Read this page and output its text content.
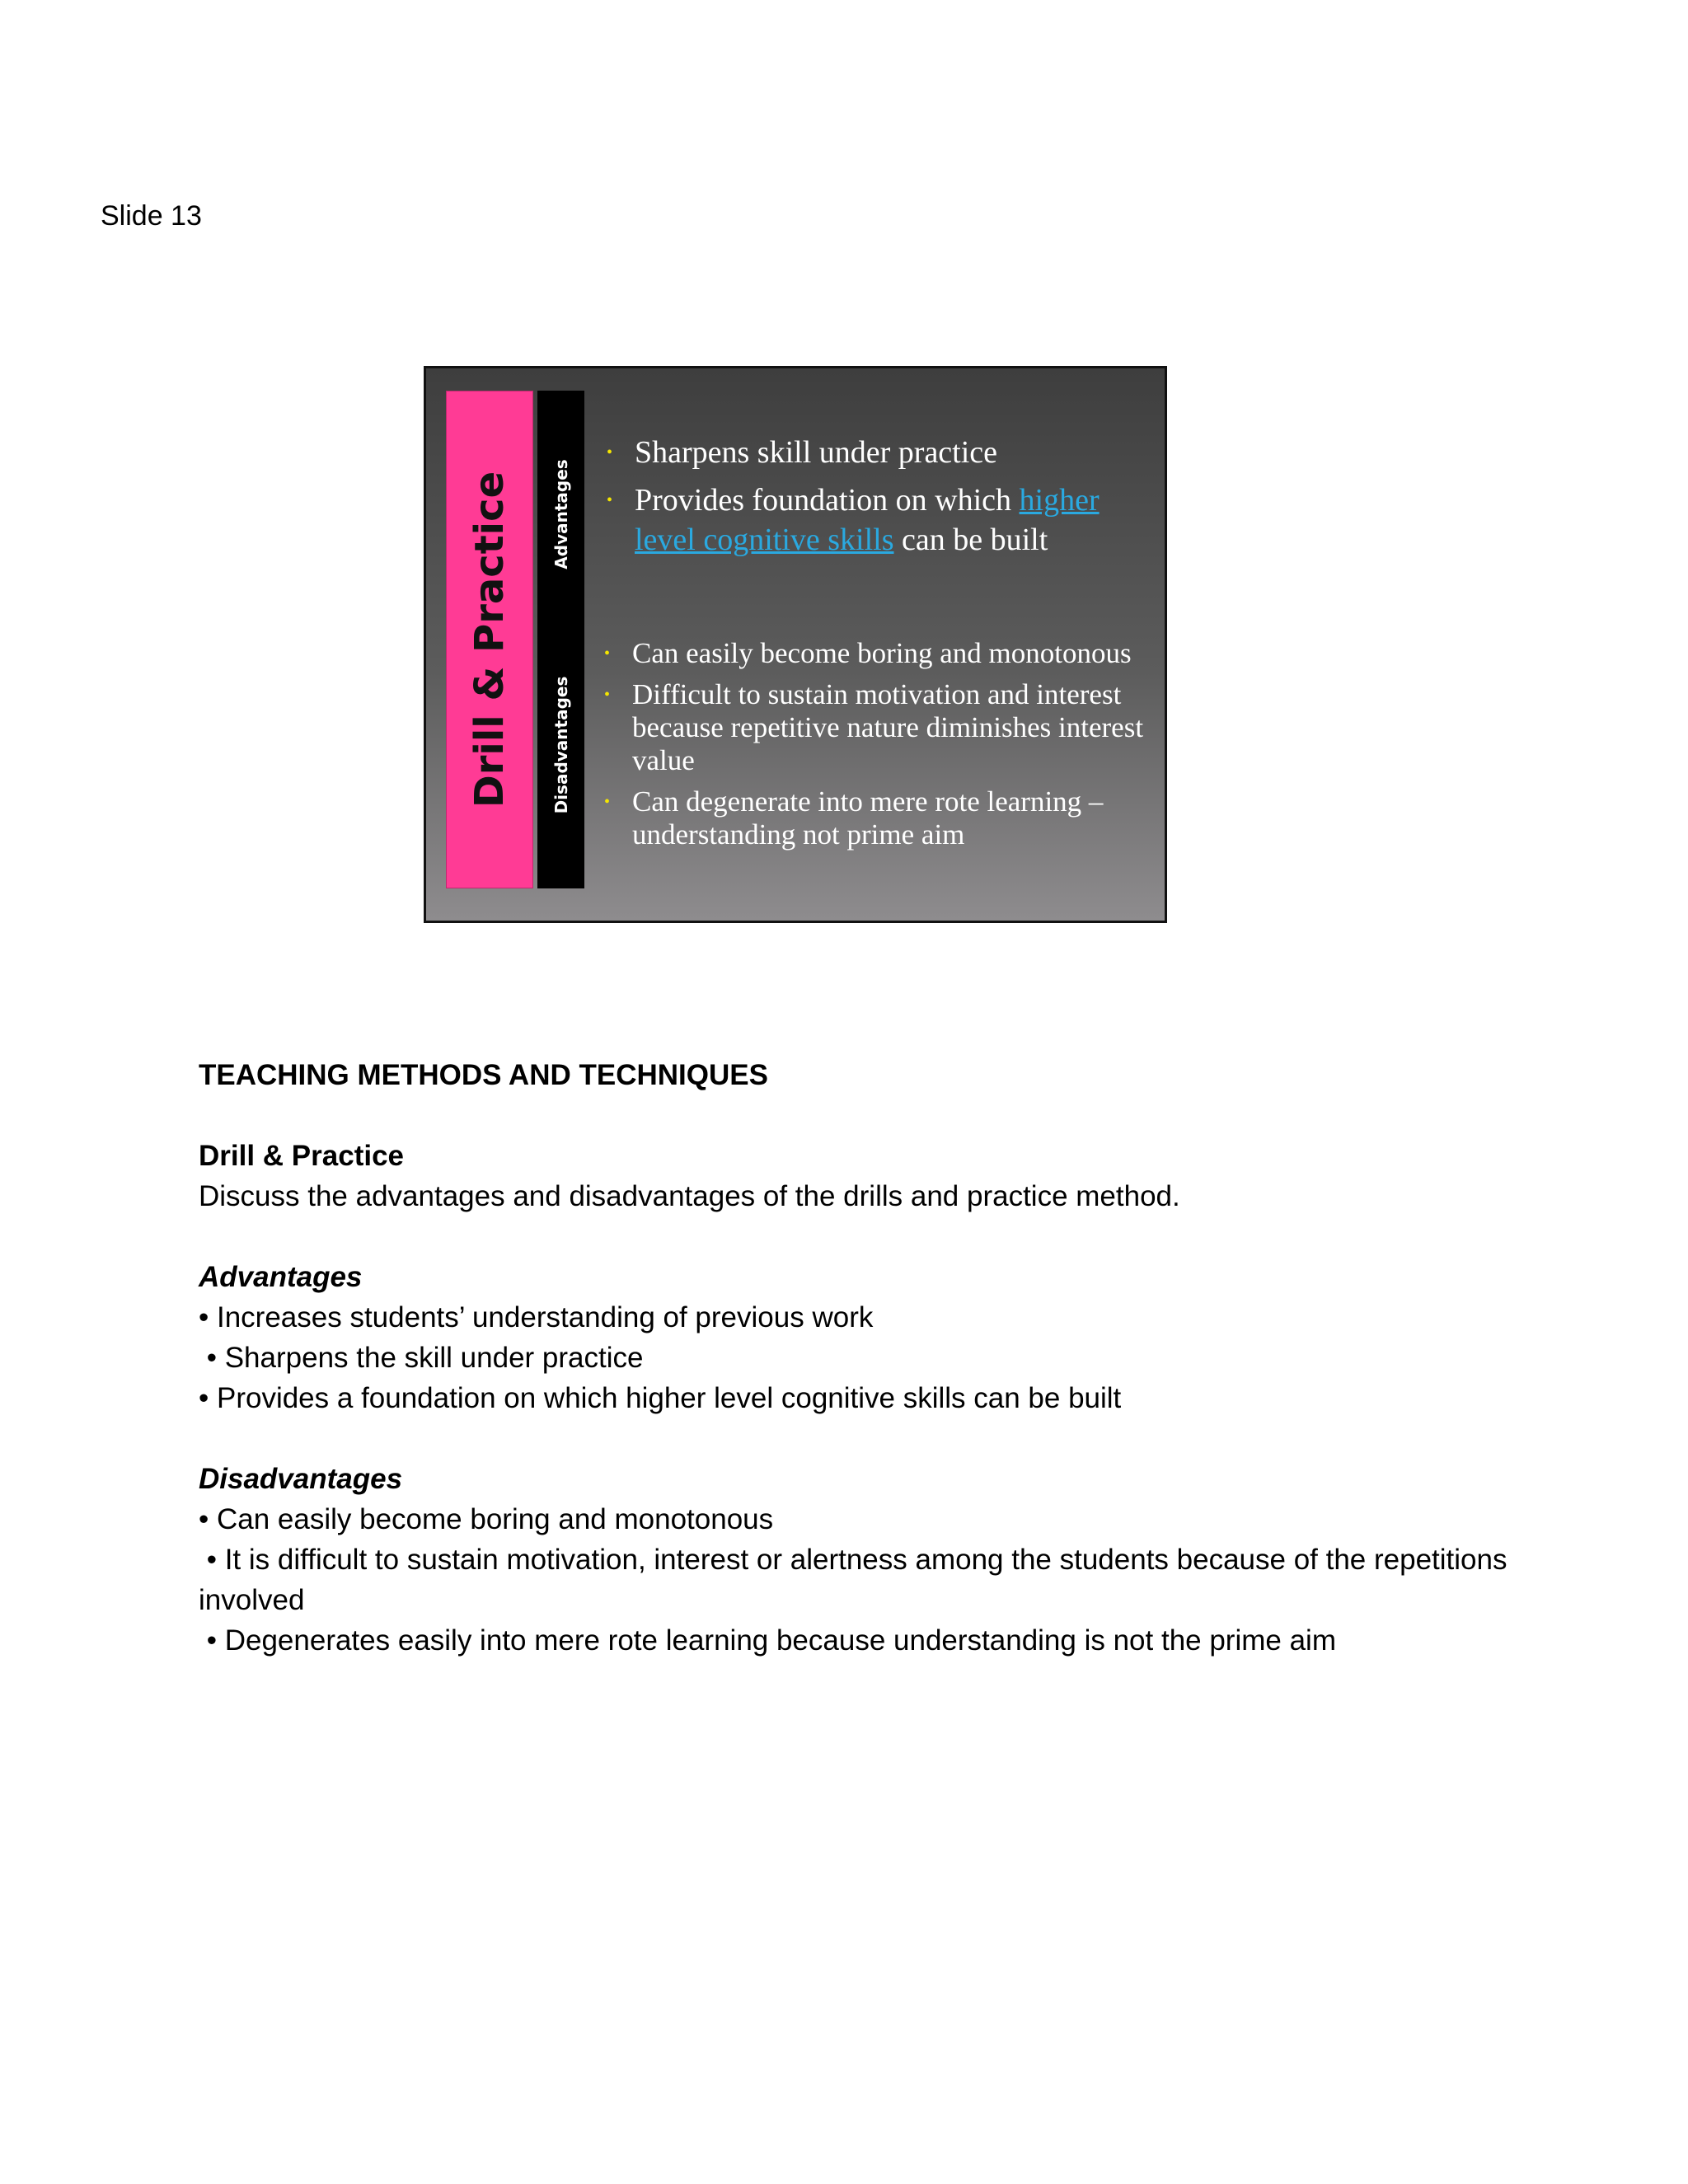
Slide 13
Drill & Practice Advantages
Disadvantages
• Sharpens skill under practice
• Provides foundation on which higher level cognitive skills can be built
• Can easily become boring and monotonous
• Difficult to sustain motivation and interest because repetitive nature diminishes interest value
• Can degenerate into mere rote learning – understanding not prime aim

TEACHING METHODS AND TECHNIQUES

Drill & Practice

Discuss the advantages and disadvantages of the drills and practice method.

Advantages

• Increases students’ understanding of previous work

• Sharpens the skill under practice

• Provides a foundation on which higher level cognitive skills can be built

Disadvantages

• Can easily become boring and monotonous

• It is difficult to sustain motivation, interest or alertness among the students because of the repetitions involved

• Degenerates easily into mere rote learning because understanding is not the prime aim
